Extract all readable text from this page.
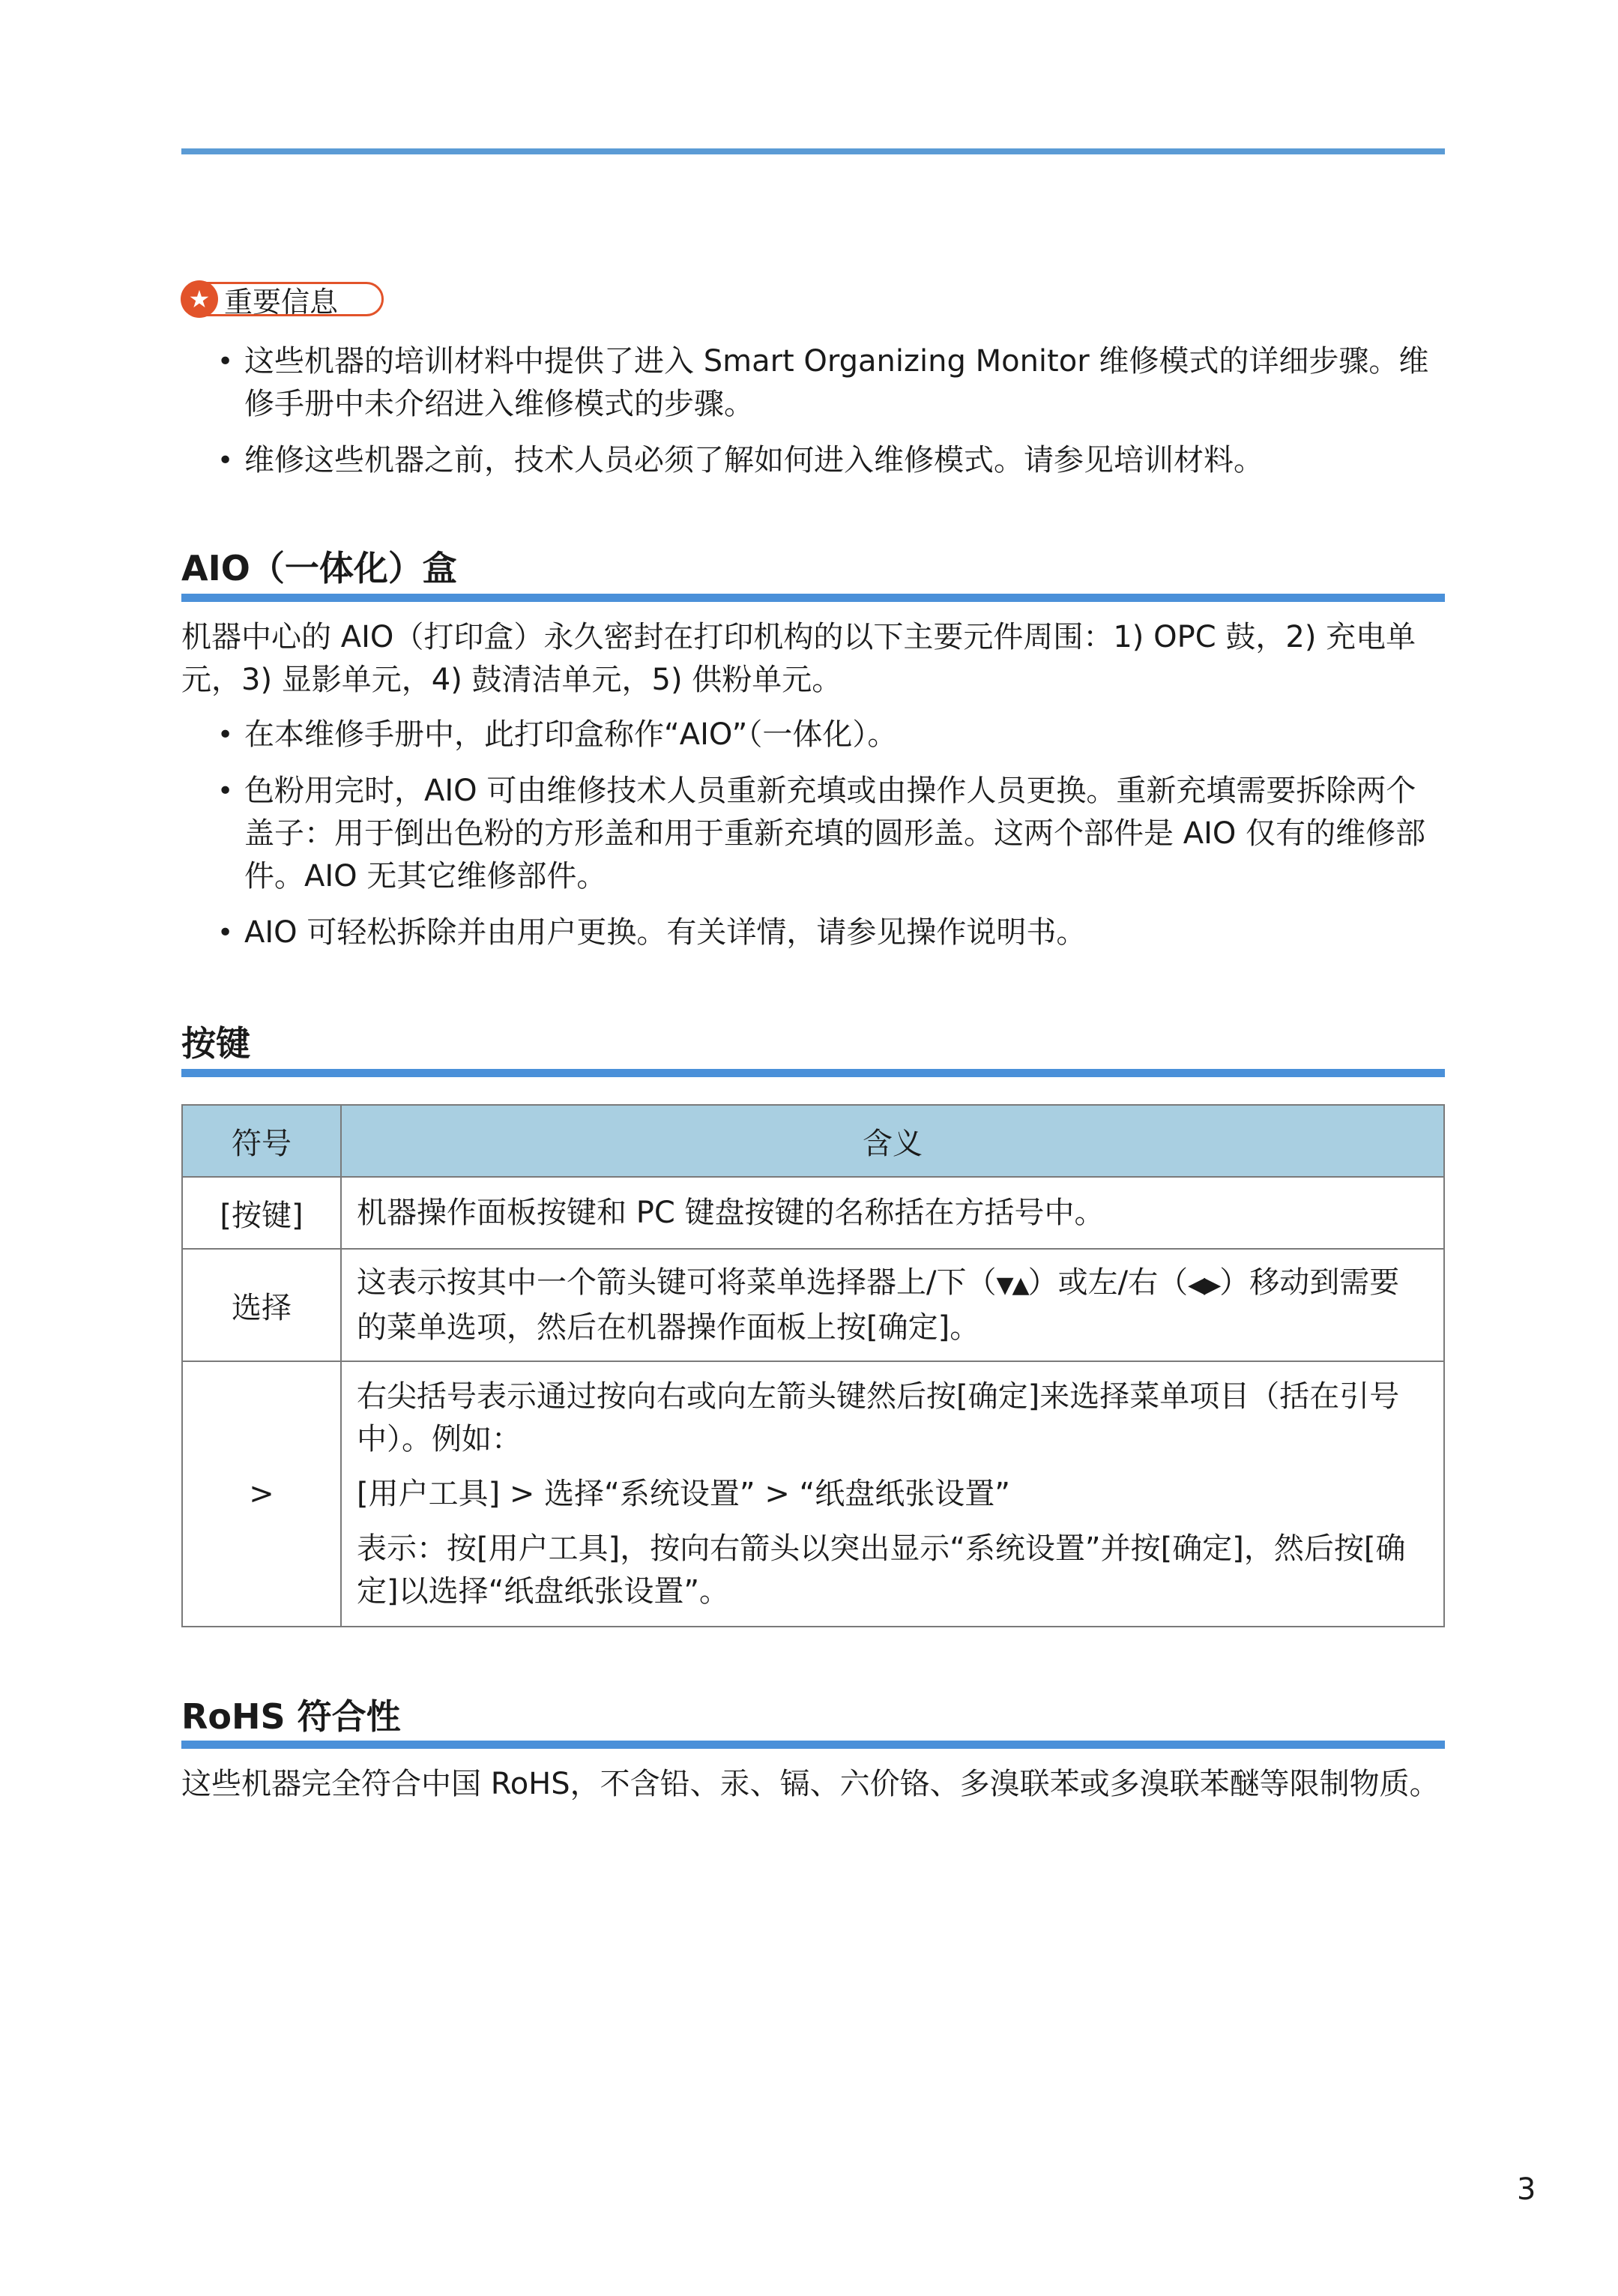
★ 重要信息
• 这些机器的培训材料中提供了进入 Smart Organizing Monitor 维修模式的详细步骤。维修手册中未介绍进入维修模式的步骤。
• 维修这些机器之前，技术人员必须了解如何进入维修模式。请参见培训材料。
AIO（一体化）盒
机器中心的 AIO（打印盒）永久密封在打印机构的以下主要元件周围：1) OPC 鼓，2) 充电单元，3) 显影单元，4) 鼓清洁单元，5) 供粉单元。
• 在本维修手册中，此打印盒称作“AIO”（一体化）。
• 色粉用完时，AIO 可由维修技术人员重新充填或由操作人员更换。重新充填需要拆除两个盖子：用于倒出色粉的方形盖和用于重新充填的圆形盖。这两个部件是 AIO 仅有的维修部件。AIO 无其它维修部件。
• AIO 可轻松拆除并由用户更换。有关详情，请参见操作说明书。
按键
符号	含义
[按键]	机器操作面板按键和 PC 键盘按键的名称括在方括号中。

选择	这表示按其中一个箭头键可将菜单选择器上/下（▼▲）或左/右（◀▶）移动到需要的菜单选项，然后在机器操作面板上按[确定]。

>	右尖括号表示通过按向右或向左箭头键然后按[确定]来选择菜单项目（括在引号中）。例如：

[用户工具] > 选择“系统设置” > “纸盘纸张设置”

表示：按[用户工具]，按向右箭头以突出显示“系统设置”并按[确定]，然后按[确定]以选择“纸盘纸张设置”。

RoHS 符合性
这些机器完全符合中国 RoHS，不含铅、汞、镉、六价铬、多溴联苯或多溴联苯醚等限制物质。
3
